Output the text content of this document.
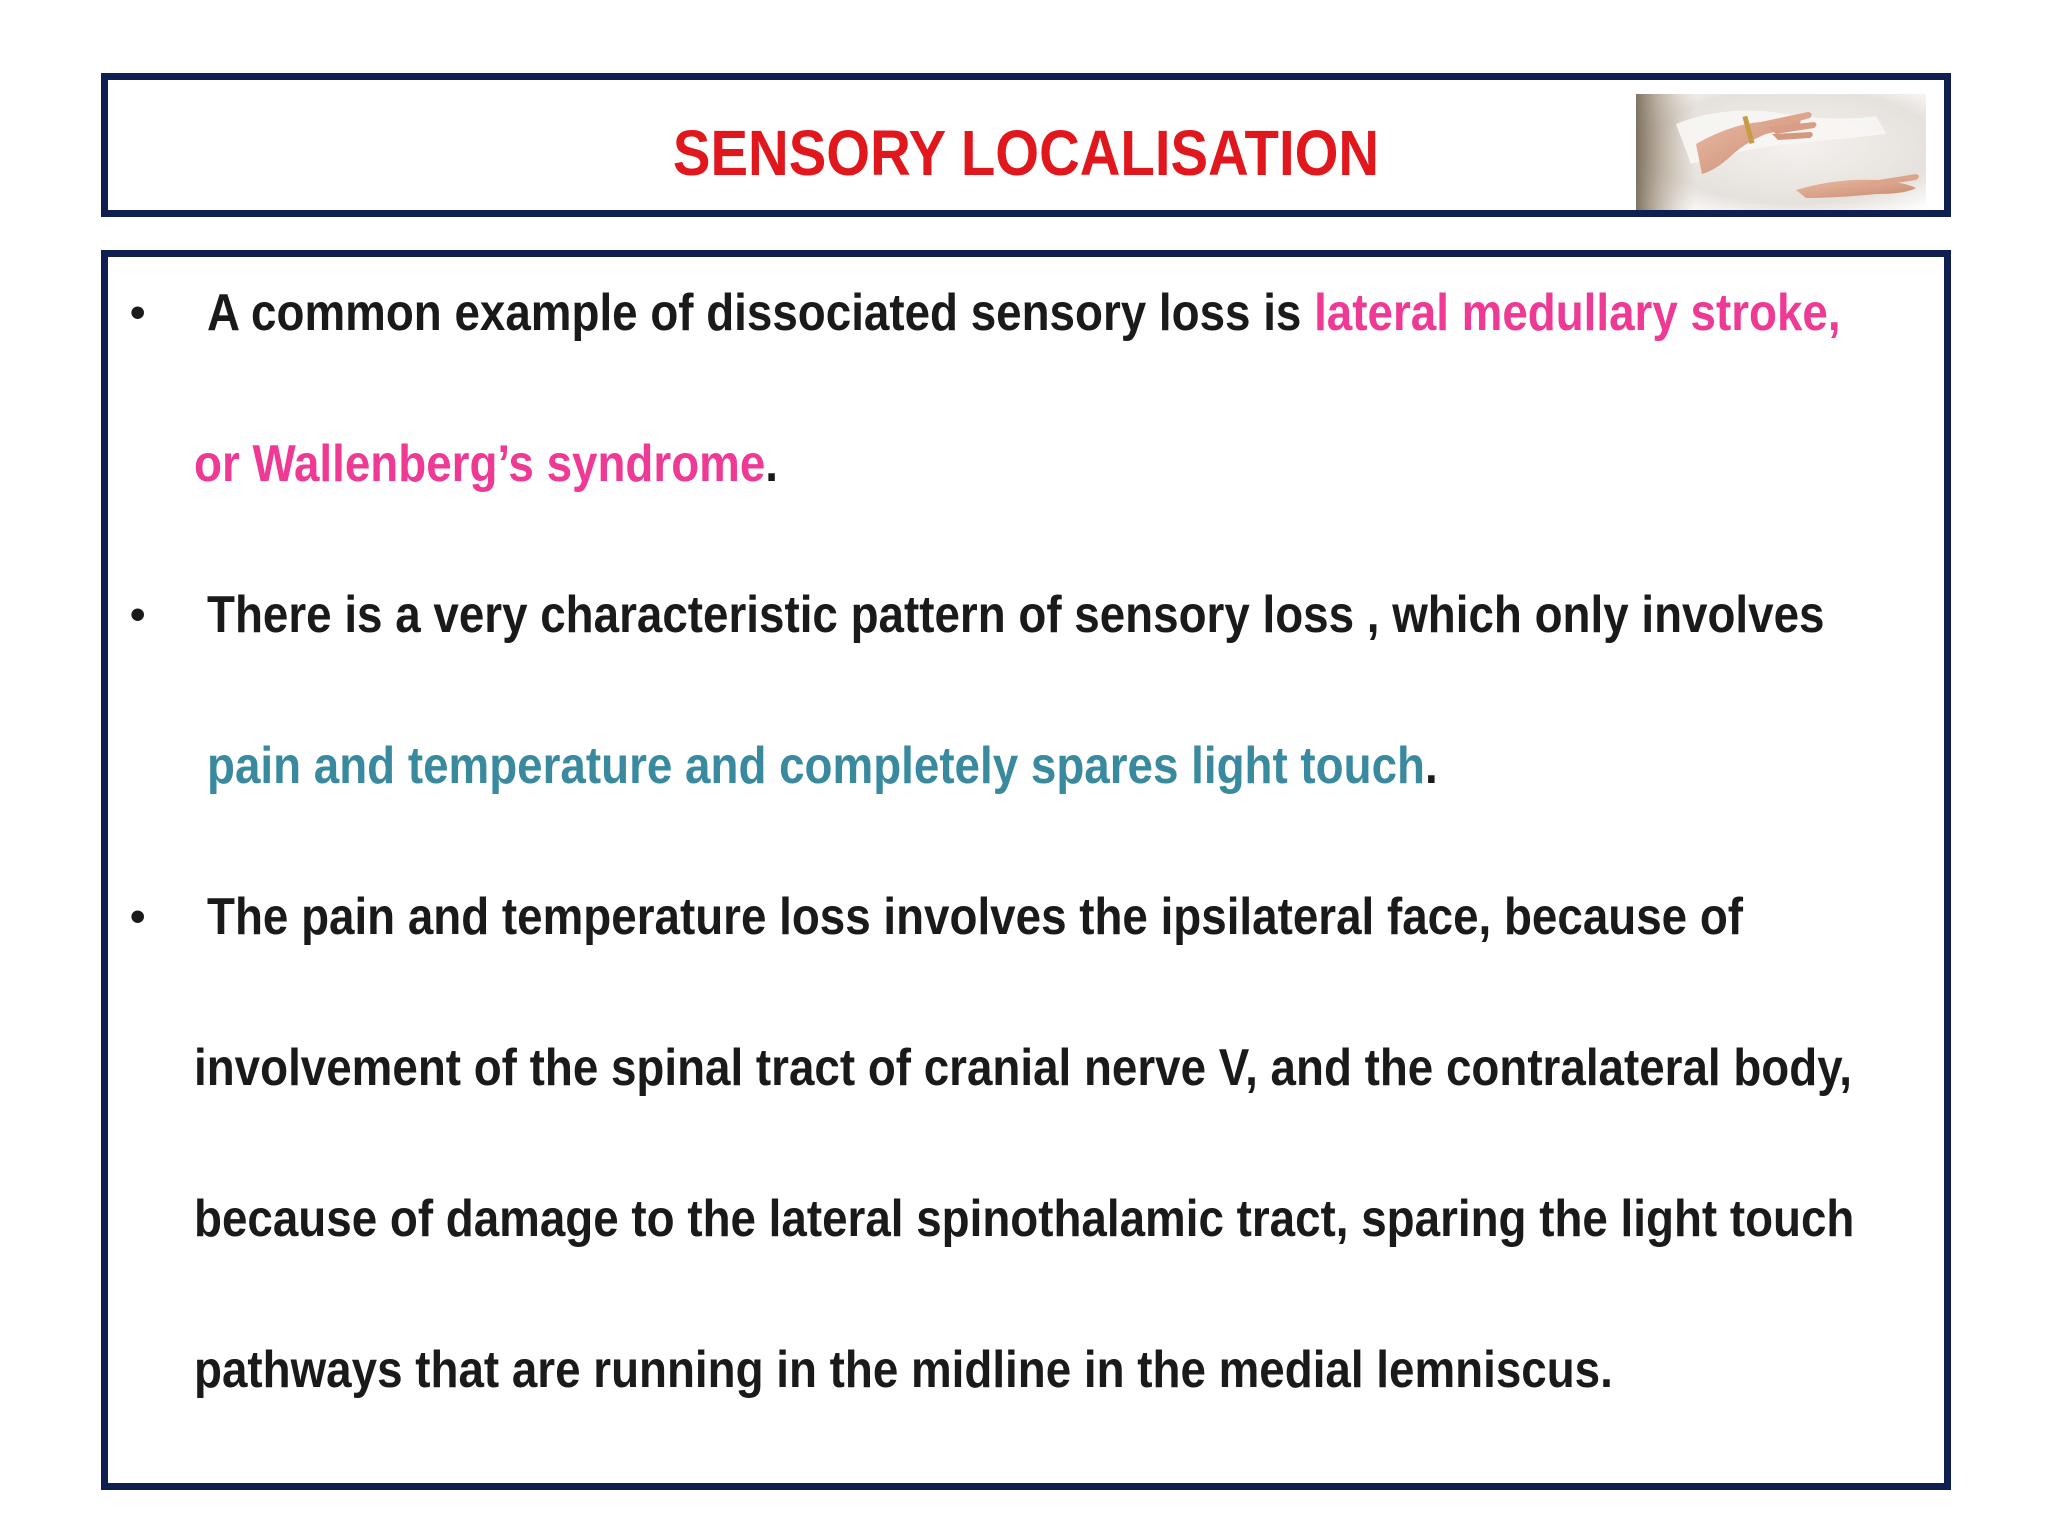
SENSORY LOCALISATION
• A common example of dissociated sensory loss is lateral medullary stroke,

or Wallenberg’s syndrome.

• There is a very characteristic pattern of sensory loss , which only involves

pain and temperature and completely spares light touch.

• The pain and temperature loss involves the ipsilateral face, because of

involvement of the spinal tract of cranial nerve V, and the contralateral body,

because of damage to the lateral spinothalamic tract, sparing the light touch

pathways that are running in the midline in the medial lemniscus.
